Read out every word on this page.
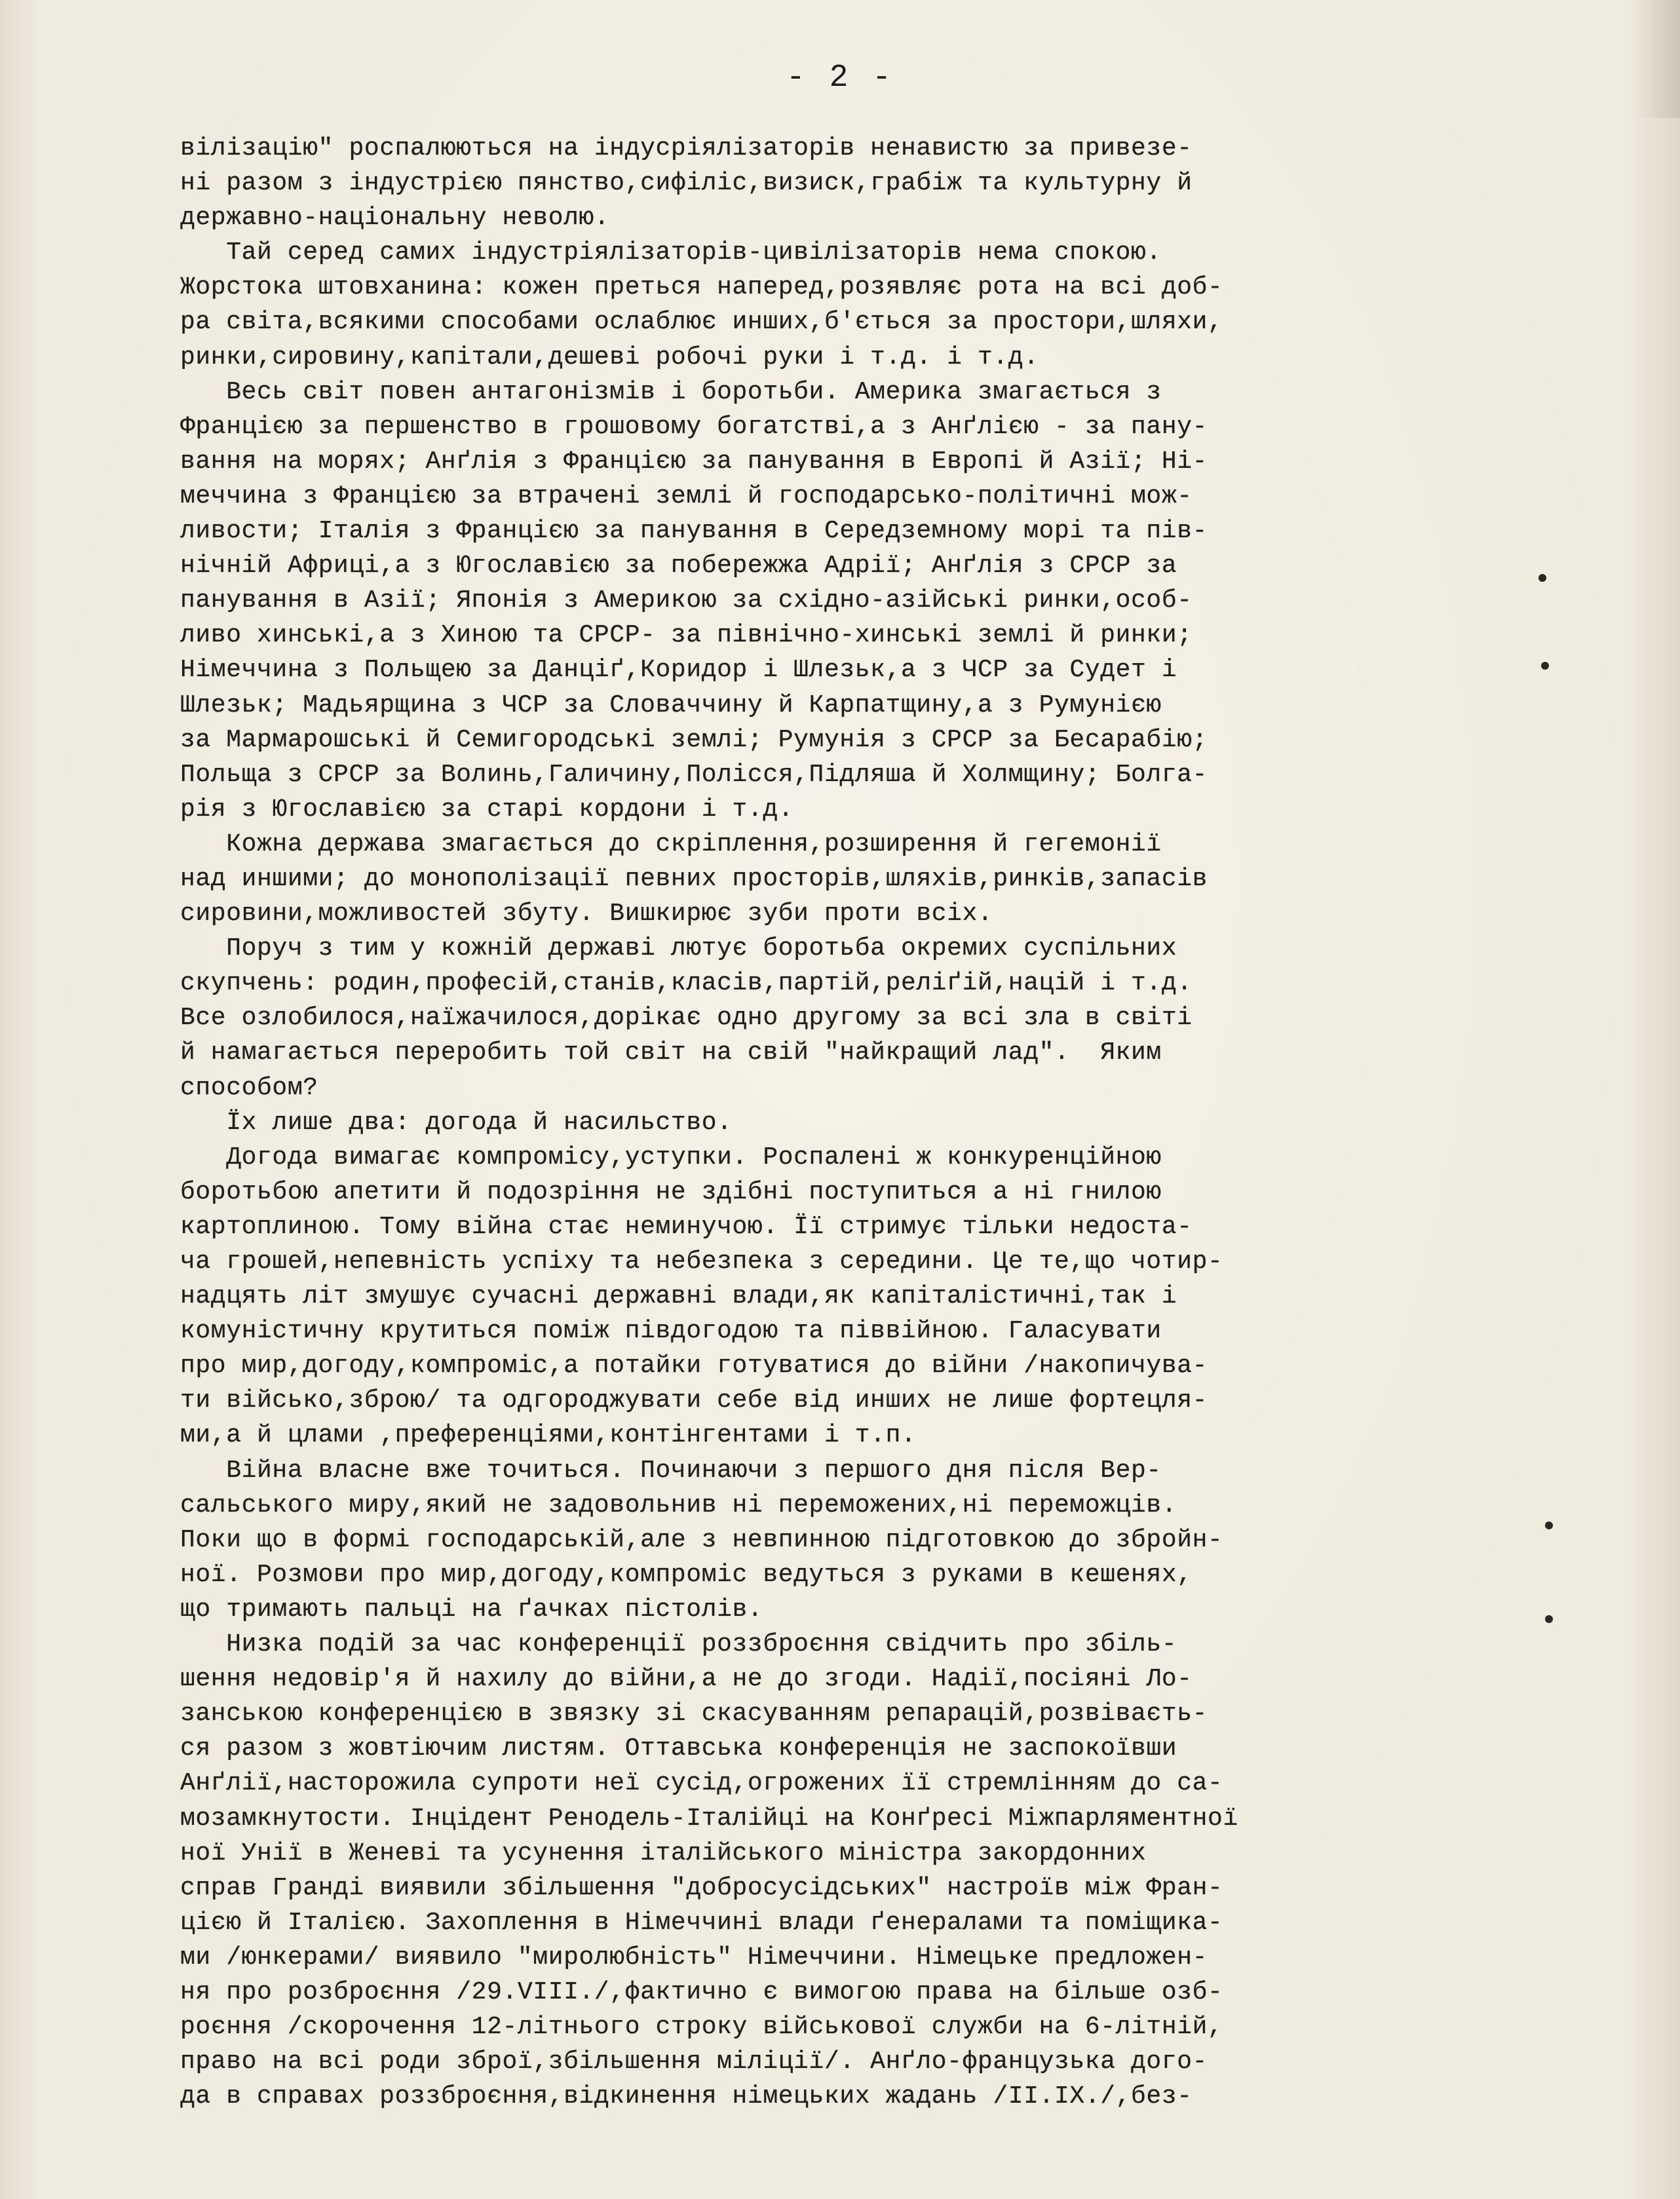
- 2 -
вілізацію" роспалюються на індусріялізаторів ненавистю за привезе-
ні разом з індустрією пянство,сифіліс,визиск,грабіж та культурну й
державно-національну неволю.
Тай серед самих індустріялізаторів-цивілізаторів нема спокою.
Жорстока штовханина: кожен преться наперед,розявляє рота на всі доб-
ра світа,всякими способами ослаблює инших,б'ється за простори,шляхи,
ринки,сировину,капітали,дешеві робочі руки і т.д. і т.д.
Весь світ повен антагонізмів і боротьби. Америка змагається з
Францією за першенство в грошовому богатстві,а з Анґлією - за пану-
вання на морях; Анґлія з Францією за панування в Европі й Азії; Ні-
меччина з Францією за втрачені землі й господарсько-політичні мож-
ливости; Італія з Францією за панування в Середземному морі та пів-
нічній Африці,а з Югославією за побережжа Адрії; Анґлія з СРСР за
панування в Азії; Японія з Америкою за східно-азійські ринки,особ-
ливо хинські,а з Хиною та СРСР- за північно-хинські землі й ринки;
Німеччина з Польщею за Данціґ,Коридор і Шлезьк,а з ЧСР за Судет і
Шлезьк; Мадьярщина з ЧСР за Словаччину й Карпатщину,а з Румунією
за Мармарошські й Семигородські землі; Румунія з СРСР за Бесарабію;
Польща з СРСР за Волинь,Галичину,Полісся,Підляша й Холмщину; Болга-
рія з Югославією за старі кордони і т.д.
Кожна держава змагається до скріплення,розширення й гегемонії
над иншими; до монополізації певних просторів,шляхів,ринків,запасів
сировини,можливостей збуту. Вишкирює зуби проти всіх.
Поруч з тим у кожній державі лютує боротьба окремих суспільних
скупчень: родин,професій,станів,класів,партій,реліґій,націй і т.д.
Все озлобилося,наїжачилося,дорікає одно другому за всі зла в світі
й намагається переробить той світ на свій "найкращий лад".  Яким
способом?
Їх лише два: догода й насильство.
Догода вимагає компромісу,уступки. Роспалені ж конкуренційною
боротьбою апетити й подозріння не здібні поступиться а ні гнилою
картоплиною. Тому війна стає неминучою. Її стримує тільки недоста-
ча грошей,непевність успіху та небезпека з середини. Це те,що чотир-
надцять літ змушує сучасні державні влади,як капіталістичні,так і
комуністичну крутиться поміж півдогодою та піввійною. Галасувати
про мир,догоду,компроміс,а потайки готуватися до війни /накопичува-
ти військо,зброю/ та одгороджувати себе від инших не лише фортецля-
ми,а й цлами ,преференціями,контінгентами і т.п.
Війна власне вже точиться. Починаючи з першого дня після Вер-
сальського миру,який не задовольнив ні переможених,ні переможців.
Поки що в формі господарській,але з невпинною підготовкою до збройн-
ної. Розмови про мир,догоду,компроміс ведуться з руками в кешенях,
що тримають пальці на ґачках пістолів.
Низка подій за час конференції роззброєння свідчить про збіль-
шення недовір'я й нахилу до війни,а не до згоди. Надії,посіяні Ло-
занською конференцією в звязку зі скасуванням репарацій,розвіваєть-
ся разом з жовтіючим листям. Оттавська конференція не заспокоївши
Анґлії,насторожила супроти неї сусід,огрожених її стремлінням до са-
мозамкнутости. Інцідент Ренодель-Італійці на Конґресі Міжпарляментної
ної Унії в Женеві та усунення італійського міністра закордонних
справ Гранді виявили збільшення "добросусідських" настроїв між Фран-
цією й Італією. Захоплення в Німеччині влади ґенералами та поміщика-
ми /юнкерами/ виявило "миролюбність" Німеччини. Німецьке предложен-
ня про розброєння /29.VIII./,фактично є вимогою права на більше озб-
роєння /скорочення 12-літнього строку військової служби на 6-літній,
право на всі роди зброї,збільшення міліції/. Анґло-французька дого-
да в справах роззброєння,відкинення німецьких жадань /II.IX./,без-
